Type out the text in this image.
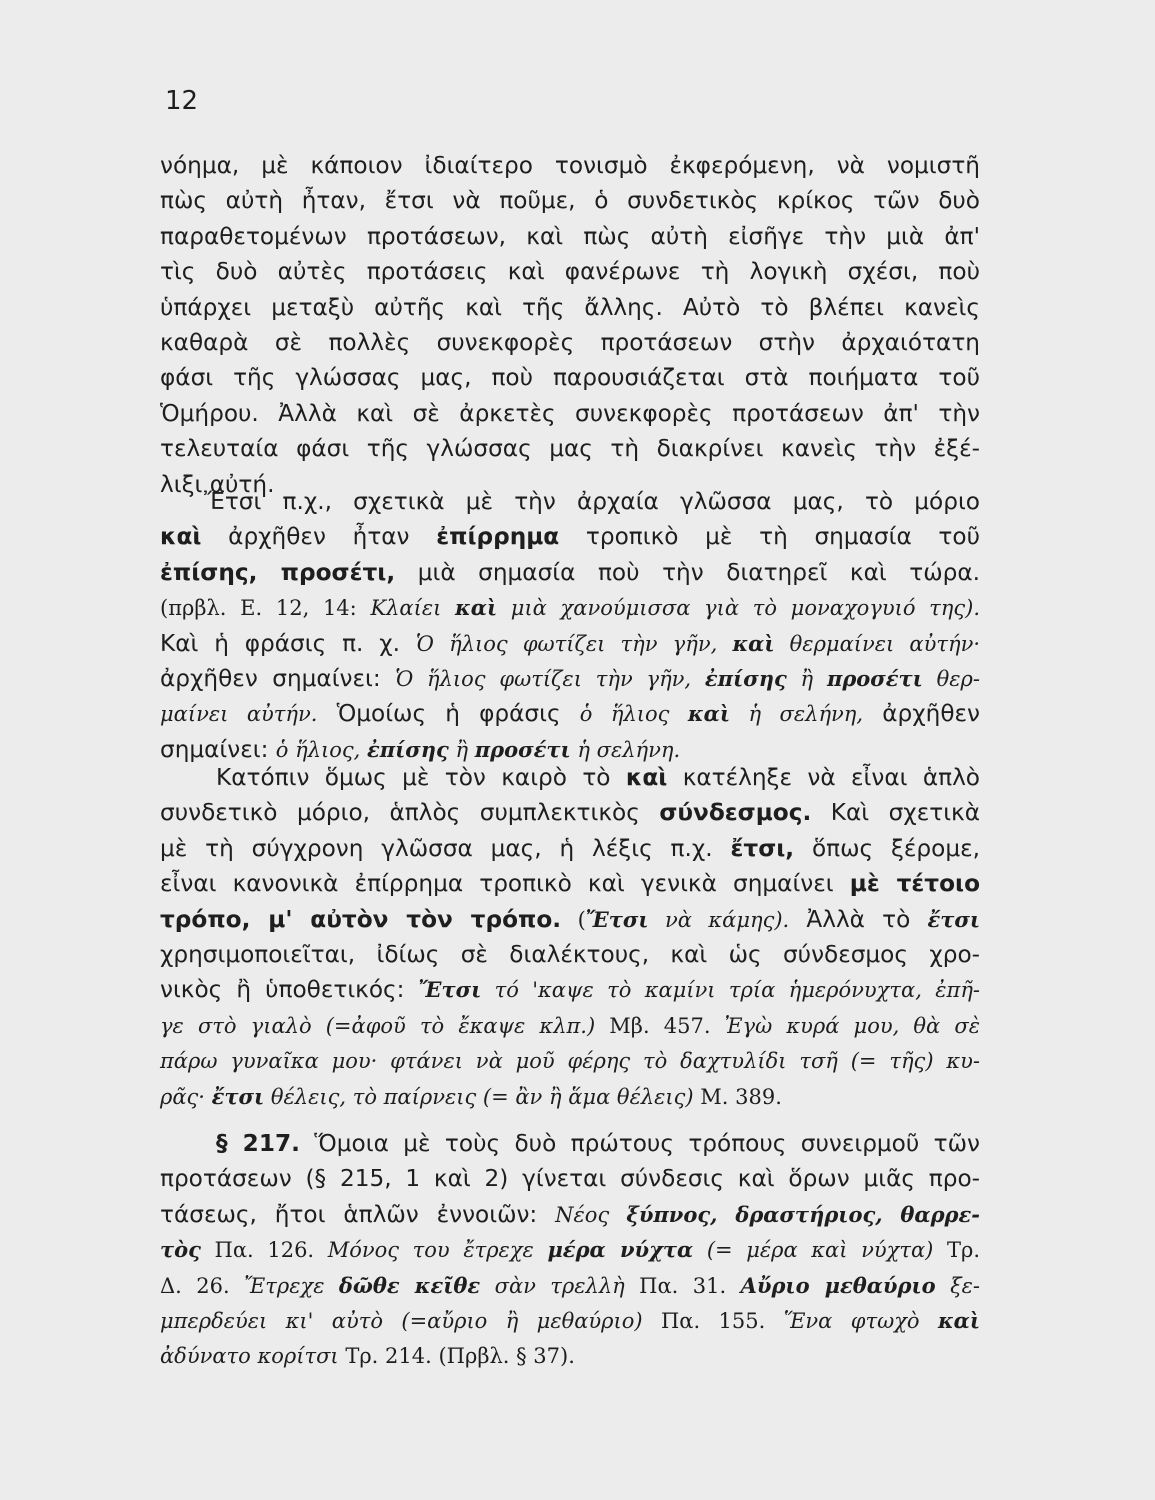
12
νόημα, μὲ κάποιον ἰδιαίτερο τονισμὸ ἐκφερόμενη, νὰ νομιστῆ
πὼς αὐτὴ ἦταν, ἔτσι νὰ ποῦμε, ὁ συνδετικὸς κρίκος τῶν δυὸ
παραθετομένων προτάσεων, καὶ πὼς αὐτὴ εἰσῆγε τὴν μιὰ ἀπ'
τὶς δυὸ αὐτὲς προτάσεις καὶ φανέρωνε τὴ λογικὴ σχέσι, ποὺ
ὑπάρχει μεταξὺ αὐτῆς καὶ τῆς ἄλλης. Αὐτὸ τὸ βλέπει κανεὶς
καθαρὰ σὲ πολλὲς συνεκφορὲς προτάσεων στὴν ἀρχαιότατη
φάσι τῆς γλώσσας μας, ποὺ παρουσιάζεται στὰ ποιήματα τοῦ
Ὁμήρου. Ἀλλὰ καὶ σὲ ἀρκετὲς συνεκφορὲς προτάσεων ἀπ' τὴν
τελευταία φάσι τῆς γλώσσας μας τὴ διακρίνει κανεὶς τὴν ἐξέ-
λιξι αὐτή.
Ἔτσι π.χ., σχετικὰ μὲ τὴν ἀρχαία γλῶσσα μας, τὸ μόριο
καὶ ἀρχῆθεν ἦταν ἐπίρρημα τροπικὸ μὲ τὴ σημασία τοῦ
ἐπίσης, προσέτι, μιὰ σημασία ποὺ τὴν διατηρεῖ καὶ τώρα.
(πρβλ. Ε. 12, 14: Κλαίει καὶ μιὰ χανούμισσα γιὰ τὸ μοναχογυιό της).
Καὶ ἡ φράσις π. χ. Ὁ ἥλιος φωτίζει τὴν γῆν, καὶ θερμαίνει αὐτήν·
ἀρχῆθεν σημαίνει: Ὁ ἥλιος φωτίζει τὴν γῆν, ἐπίσης ἢ προσέτι θερ-
μαίνει αὐτήν. Ὁμοίως ἡ φράσις ὁ ἥλιος καὶ ἡ σελήνη, ἀρχῆθεν
σημαίνει: ὁ ἥλιος, ἐπίσης ἢ προσέτι ἡ σελήνη.
Κατόπιν ὅμως μὲ τὸν καιρὸ τὸ καὶ κατέληξε νὰ εἶναι ἁπλὸ
συνδετικὸ μόριο, ἁπλὸς συμπλεκτικὸς σύνδεσμος. Καὶ σχετικὰ
μὲ τὴ σύγχρονη γλῶσσα μας, ἡ λέξις π.χ. ἔτσι, ὅπως ξέρομε,
εἶναι κανονικὰ ἐπίρρημα τροπικὸ καὶ γενικὰ σημαίνει μὲ τέτοιο
τρόπο, μ' αὐτὸν τὸν τρόπο. (Ἔτσι νὰ κάμης). Ἀλλὰ τὸ ἔτσι
χρησιμοποιεῖται, ἰδίως σὲ διαλέκτους, καὶ ὡς σύνδεσμος χρο-
νικὸς ἢ ὑποθετικός: Ἔτσι τό 'καψε τὸ καμίνι τρία ἡμερόνυχτα, ἐπῆ-
γε στὸ γιαλὸ (=ἀφοῦ τὸ ἔκαψε κλπ.) Μβ. 457. Ἐγὼ κυρά μου, θὰ σὲ
πάρω γυναῖκα μου· φτάνει νὰ μοῦ φέρης τὸ δαχτυλίδι τσῆ (= τῆς) κυ-
ρᾶς· ἔτσι θέλεις, τὸ παίρνεις (= ἂν ἢ ἅμα θέλεις) Μ. 389.
§ 217. Ὅμοια μὲ τοὺς δυὸ πρώτους τρόπους συνειρμοῦ τῶν
προτάσεων (§ 215, 1 καὶ 2) γίνεται σύνδεσις καὶ ὅρων μιᾶς προ-
τάσεως, ἤτοι ἁπλῶν ἐννοιῶν: Νέος ξύπνος, δραστήριος, θαρρε-
τὸς Πα. 126. Μόνος του ἔτρεχε μέρα νύχτα (= μέρα καὶ νύχτα) Τρ.
Δ. 26. Ἔτρεχε δῶθε κεῖθε σὰν τρελλὴ Πα. 31. Αὔριο μεθαύριο ξε-
μπερδεύει κι' αὐτὸ (=αὔριο ἢ μεθαύριο) Πα. 155. Ἕνα φτωχὸ καὶ
ἀδύνατο κορίτσι Τρ. 214. (Πρβλ. § 37).
